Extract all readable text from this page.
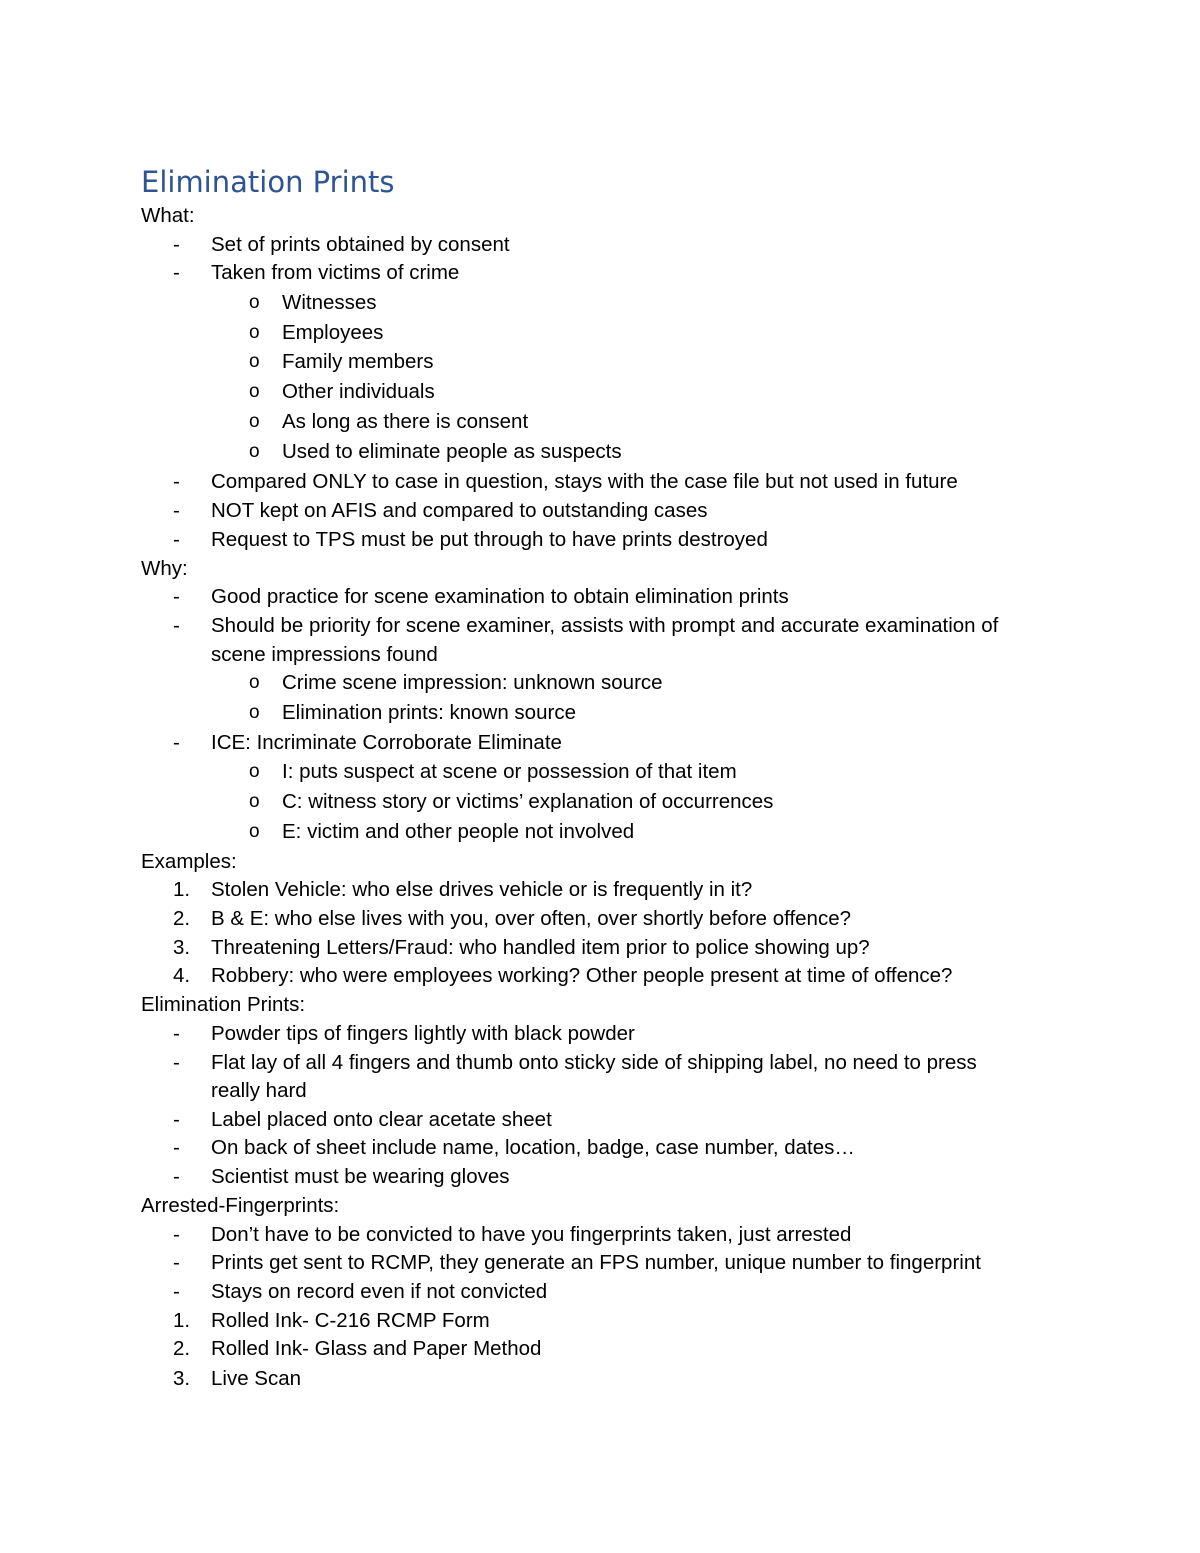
Elimination Prints
What:
- Set of prints obtained by consent
- Taken from victims of crime
o Witnesses
o Employees
o Family members
o Other individuals
o As long as there is consent
o Used to eliminate people as suspects
- Compared ONLY to case in question, stays with the case file but not used in future
- NOT kept on AFIS and compared to outstanding cases
- Request to TPS must be put through to have prints destroyed
Why:
- Good practice for scene examination to obtain elimination prints
- Should be priority for scene examiner, assists with prompt and accurate examination of
scene impressions found
o Crime scene impression: unknown source
o Elimination prints: known source
- ICE: Incriminate Corroborate Eliminate
o I: puts suspect at scene or possession of that item
o C: witness story or victims’ explanation of occurrences
o E: victim and other people not involved
Examples:
1. Stolen Vehicle: who else drives vehicle or is frequently in it?
2. B & E: who else lives with you, over often, over shortly before offence?
3. Threatening Letters/Fraud: who handled item prior to police showing up?
4. Robbery: who were employees working? Other people present at time of offence?
Elimination Prints:
- Powder tips of fingers lightly with black powder
- Flat lay of all 4 fingers and thumb onto sticky side of shipping label, no need to press
really hard
- Label placed onto clear acetate sheet
- On back of sheet include name, location, badge, case number, dates…
- Scientist must be wearing gloves
Arrested-Fingerprints:
- Don’t have to be convicted to have you fingerprints taken, just arrested
- Prints get sent to RCMP, they generate an FPS number, unique number to fingerprint
- Stays on record even if not convicted
1. Rolled Ink- C-216 RCMP Form
2. Rolled Ink- Glass and Paper Method
3. Live Scan
